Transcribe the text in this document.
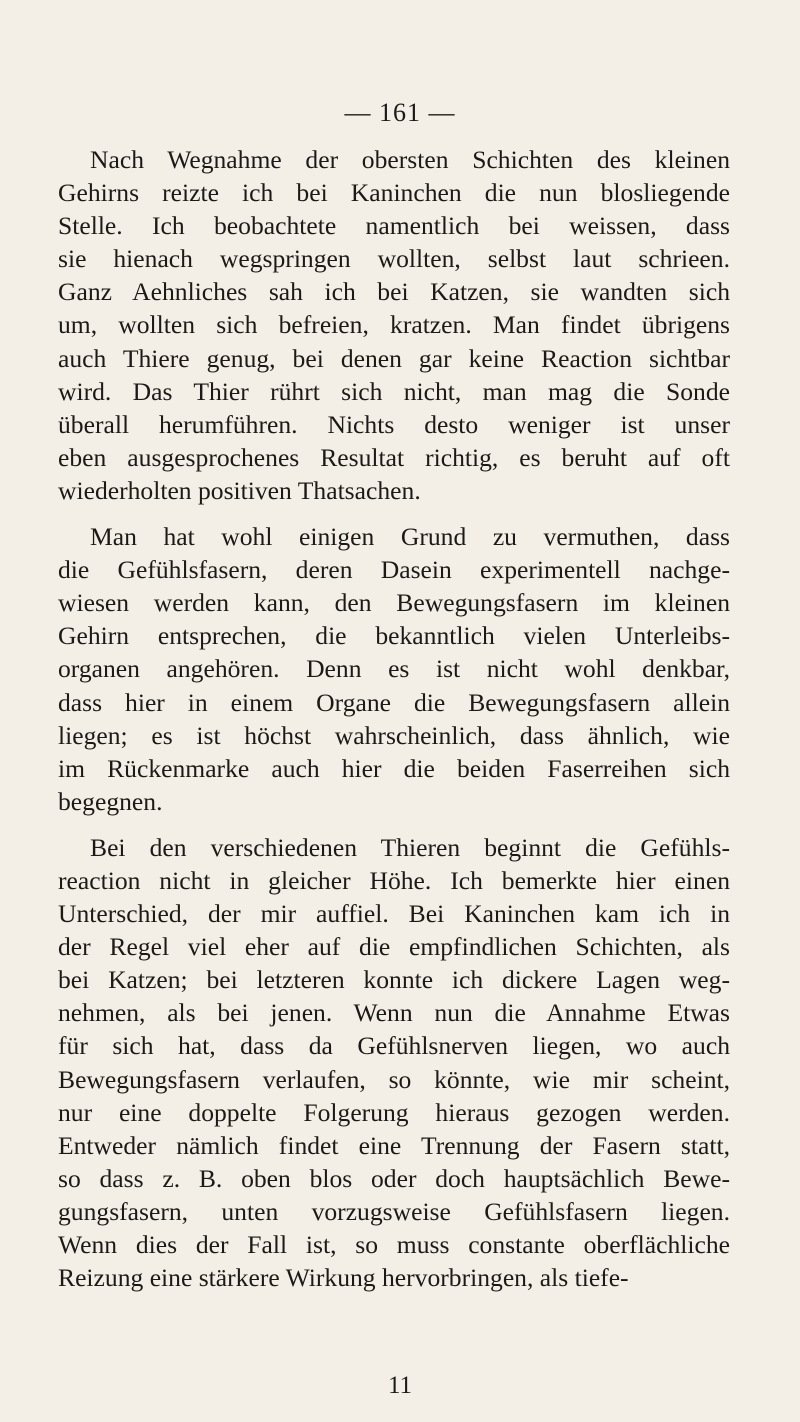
— 161 —
Nach Wegnahme der obersten Schichten des kleinen
Gehirns reizte ich bei Kaninchen die nun blosliegende
Stelle. Ich beobachtete namentlich bei weissen, dass
sie hienach wegspringen wollten, selbst laut schrieen.
Ganz Aehnliches sah ich bei Katzen, sie wandten sich
um, wollten sich befreien, kratzen. Man findet übrigens
auch Thiere genug, bei denen gar keine Reaction sichtbar
wird. Das Thier rührt sich nicht, man mag die Sonde
überall herumführen. Nichts desto weniger ist unser
eben ausgesprochenes Resultat richtig, es beruht auf oft
wiederholten positiven Thatsachen.
Man hat wohl einigen Grund zu vermuthen, dass
die Gefühlsfasern, deren Dasein experimentell nachge-
wiesen werden kann, den Bewegungsfasern im kleinen
Gehirn entsprechen, die bekanntlich vielen Unterleibs-
organen angehören. Denn es ist nicht wohl denkbar,
dass hier in einem Organe die Bewegungsfasern allein
liegen; es ist höchst wahrscheinlich, dass ähnlich, wie
im Rückenmarke auch hier die beiden Faserreihen sich
begegnen.
Bei den verschiedenen Thieren beginnt die Gefühls-
reaction nicht in gleicher Höhe. Ich bemerkte hier einen
Unterschied, der mir auffiel. Bei Kaninchen kam ich in
der Regel viel eher auf die empfindlichen Schichten, als
bei Katzen; bei letzteren konnte ich dickere Lagen weg-
nehmen, als bei jenen. Wenn nun die Annahme Etwas
für sich hat, dass da Gefühlsnerven liegen, wo auch
Bewegungsfasern verlaufen, so könnte, wie mir scheint,
nur eine doppelte Folgerung hieraus gezogen werden.
Entweder nämlich findet eine Trennung der Fasern statt,
so dass z. B. oben blos oder doch hauptsächlich Bewe-
gungsfasern, unten vorzugsweise Gefühlsfasern liegen.
Wenn dies der Fall ist, so muss constante oberflächliche
Reizung eine stärkere Wirkung hervorbringen, als tiefe-
11
